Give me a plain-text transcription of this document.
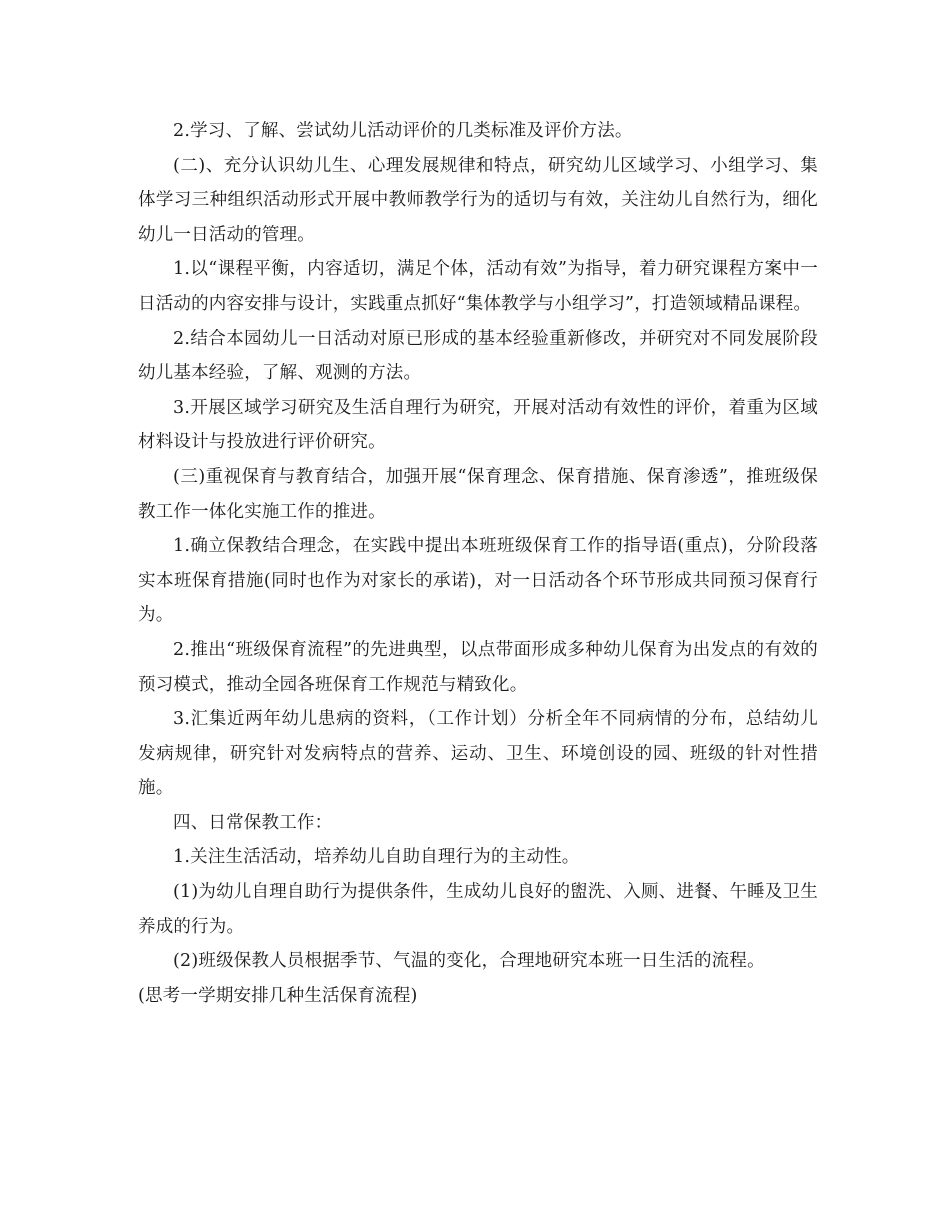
2.学习、了解、尝试幼儿活动评价的几类标准及评价方法。

(二)、充分认识幼儿生、心理发展规律和特点，研究幼儿区域学习、小组学习、集体学习三种组织活动形式开展中教师教学行为的适切与有效，关注幼儿自然行为，细化幼儿一日活动的管理。

1.以“课程平衡，内容适切，满足个体，活动有效”为指导，着力研究课程方案中一日活动的内容安排与设计，实践重点抓好“集体教学与小组学习”，打造领域精品课程。

2.结合本园幼儿一日活动对原已形成的基本经验重新修改，并研究对不同发展阶段幼儿基本经验，了解、观测的方法。

3.开展区域学习研究及生活自理行为研究，开展对活动有效性的评价，着重为区域材料设计与投放进行评价研究。

(三)重视保育与教育结合，加强开展“保育理念、保育措施、保育渗透”，推班级保教工作一体化实施工作的推进。

1.确立保教结合理念，在实践中提出本班班级保育工作的指导语(重点)，分阶段落实本班保育措施(同时也作为对家长的承诺)，对一日活动各个环节形成共同预习保育行为。

2.推出“班级保育流程”的先进典型，以点带面形成多种幼儿保育为出发点的有效的预习模式，推动全园各班保育工作规范与精致化。

3.汇集近两年幼儿患病的资料，（工作计划）分析全年不同病情的分布，总结幼儿发病规律，研究针对发病特点的营养、运动、卫生、环境创设的园、班级的针对性措施。

四、日常保教工作：

1.关注生活活动，培养幼儿自助自理行为的主动性。

(1)为幼儿自理自助行为提供条件，生成幼儿良好的盥洗、入厕、进餐、午睡及卫生养成的行为。

(2)班级保教人员根据季节、气温的变化，合理地研究本班一日生活的流程。

(思考一学期安排几种生活保育流程)
